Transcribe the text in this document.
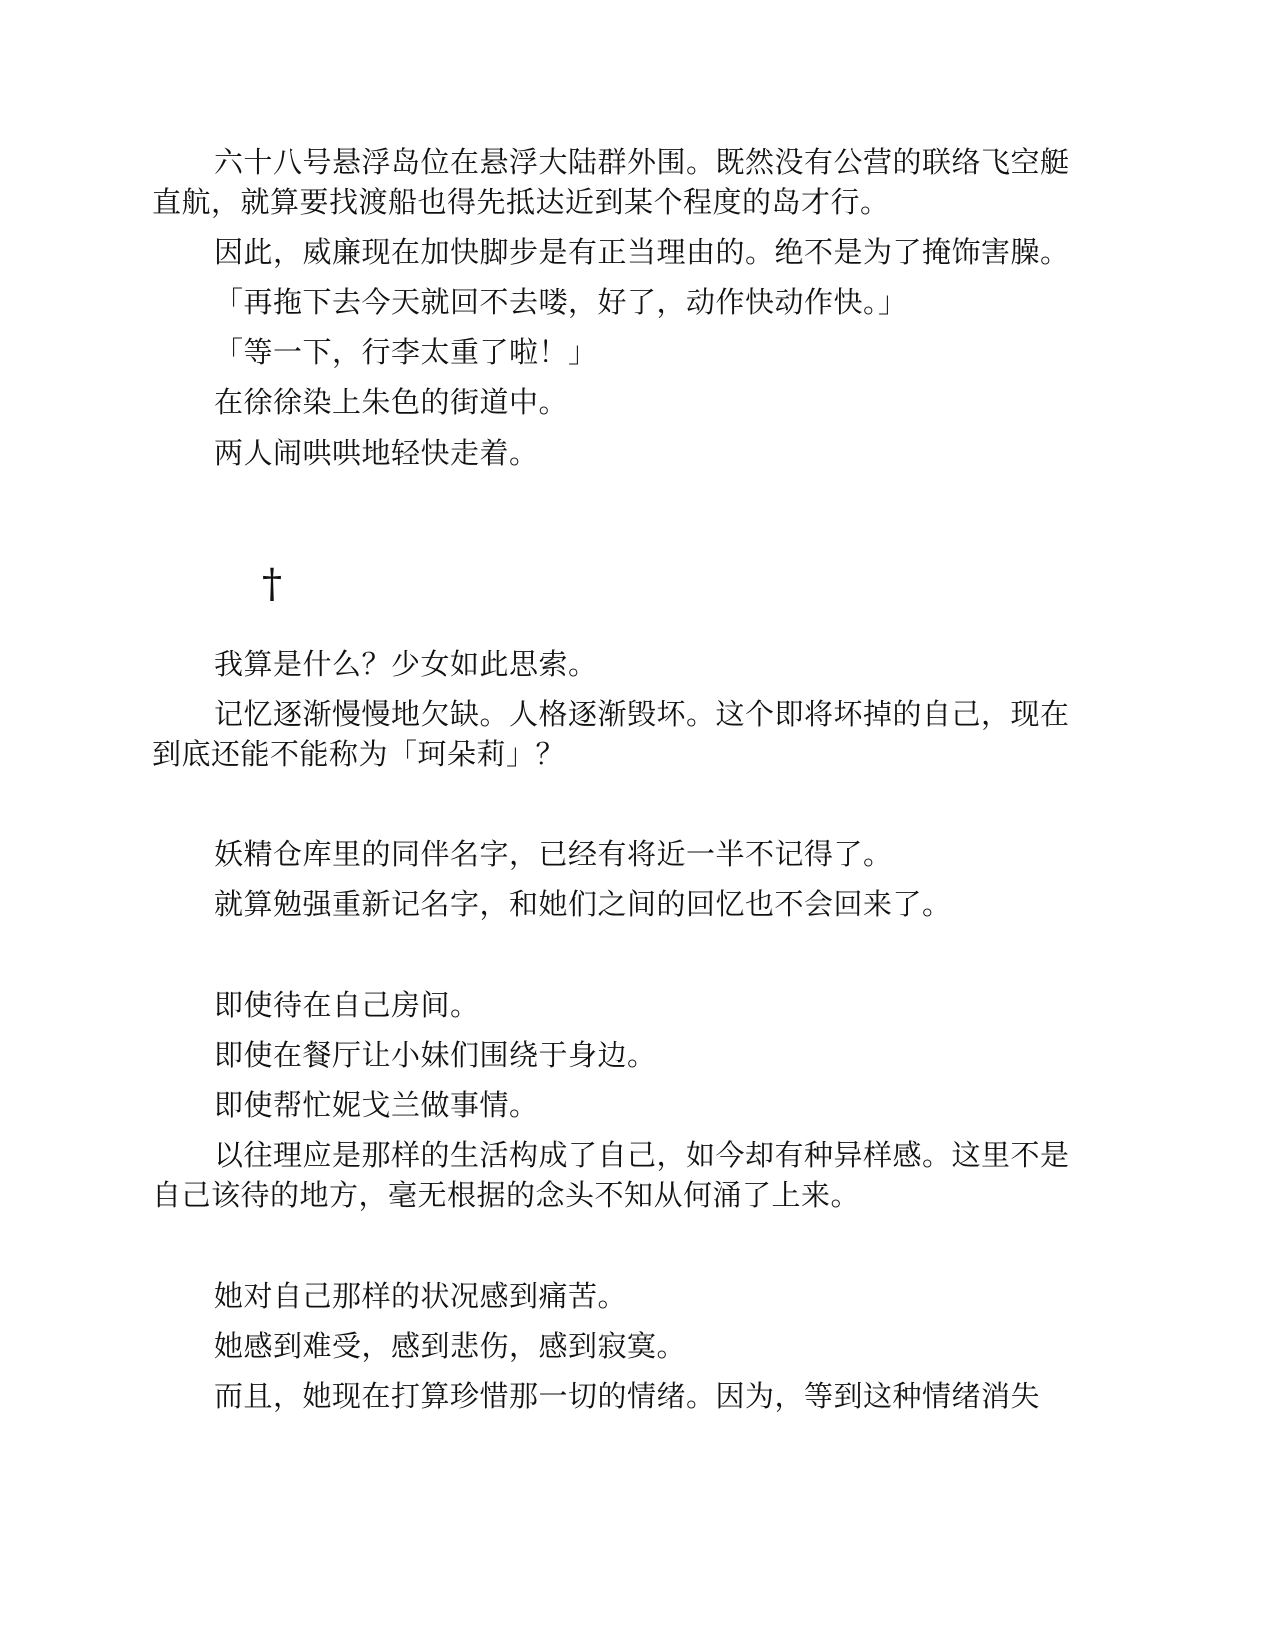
六十八号悬浮岛位在悬浮大陆群外围。既然没有公营的联络飞空艇

直航，就算要找渡船也得先抵达近到某个程度的岛才行。

因此，威廉现在加快脚步是有正当理由的。绝不是为了掩饰害臊。

「再拖下去今天就回不去喽，好了，动作快动作快。」

「等一下，行李太重了啦！」

在徐徐染上朱色的街道中。

两人闹哄哄地轻快走着。

†

我算是什么？少女如此思索。

记忆逐渐慢慢地欠缺。人格逐渐毁坏。这个即将坏掉的自己，现在

到底还能不能称为「珂朵莉」？

妖精仓库里的同伴名字，已经有将近一半不记得了。

就算勉强重新记名字，和她们之间的回忆也不会回来了。

即使待在自己房间。

即使在餐厅让小妹们围绕于身边。

即使帮忙妮戈兰做事情。

以往理应是那样的生活构成了自己，如今却有种异样感。这里不是

自己该待的地方，毫无根据的念头不知从何涌了上来。

她对自己那样的状况感到痛苦。

她感到难受，感到悲伤，感到寂寞。

而且，她现在打算珍惜那一切的情绪。因为，等到这种情绪消失
